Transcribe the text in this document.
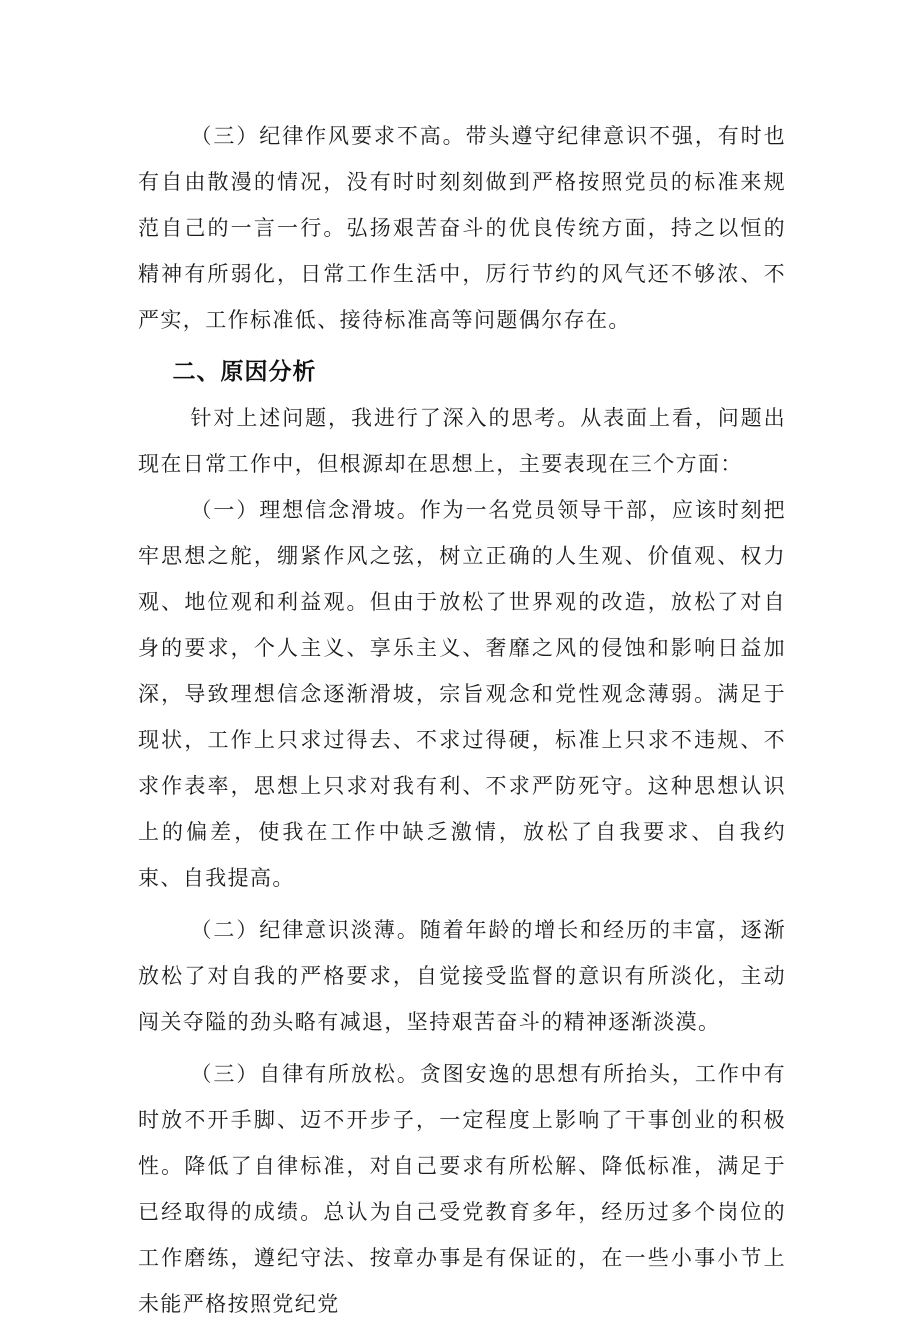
（三）纪律作风要求不高。带头遵守纪律意识不强，有时也有自由散漫的情况，没有时时刻刻做到严格按照党员的标准来规范自己的一言一行。弘扬艰苦奋斗的优良传统方面，持之以恒的精神有所弱化，日常工作生活中，厉行节约的风气还不够浓、不严实，工作标准低、接待标准高等问题偶尔存在。

二、原因分析

针对上述问题，我进行了深入的思考。从表面上看，问题出现在日常工作中，但根源却在思想上，主要表现在三个方面：

（一）理想信念滑坡。作为一名党员领导干部，应该时刻把牢思想之舵，绷紧作风之弦，树立正确的人生观、价值观、权力观、地位观和利益观。但由于放松了世界观的改造，放松了对自身的要求，个人主义、享乐主义、奢靡之风的侵蚀和影响日益加深，导致理想信念逐渐滑坡，宗旨观念和党性观念薄弱。满足于现状，工作上只求过得去、不求过得硬，标准上只求不违规、不求作表率，思想上只求对我有利、不求严防死守。这种思想认识上的偏差，使我在工作中缺乏激情，放松了自我要求、自我约束、自我提高。

（二）纪律意识淡薄。随着年龄的增长和经历的丰富，逐渐放松了对自我的严格要求，自觉接受监督的意识有所淡化，主动闯关夺隘的劲头略有减退，坚持艰苦奋斗的精神逐渐淡漠。

（三）自律有所放松。贪图安逸的思想有所抬头，工作中有时放不开手脚、迈不开步子，一定程度上影响了干事创业的积极性。降低了自律标准，对自己要求有所松解、降低标准，满足于已经取得的成绩。总认为自己受党教育多年，经历过多个岗位的工作磨练，遵纪守法、按章办事是有保证的，在一些小事小节上未能严格按照党纪党
